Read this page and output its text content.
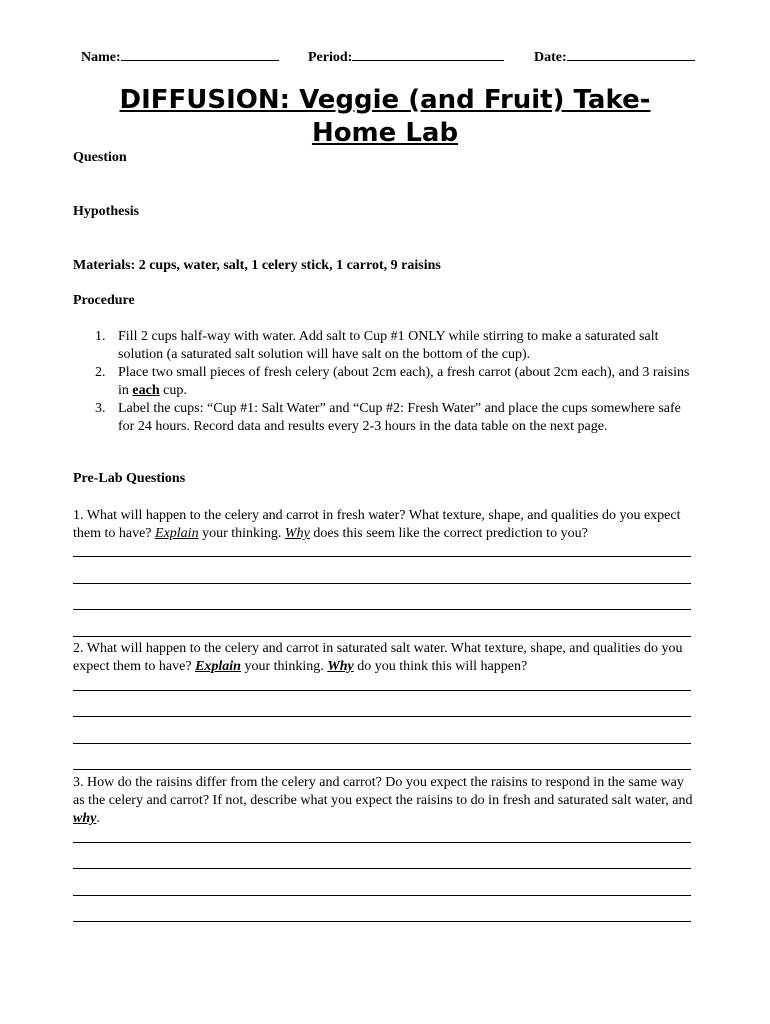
Name:	Period:	Date:
DIFFUSION: Veggie (and Fruit) Take-
Home Lab
Question
Hypothesis
Materials: 2 cups, water, salt, 1 celery stick, 1 carrot, 9 raisins
Procedure
1. Fill 2 cups half-way with water. Add salt to Cup #1 ONLY while stirring to make a saturated salt solution (a saturated salt solution will have salt on the bottom of the cup).
2. Place two small pieces of fresh celery (about 2cm each), a fresh carrot (about 2cm each), and 3 raisins in each cup.
3. Label the cups: “Cup #1: Salt Water” and “Cup #2: Fresh Water” and place the cups somewhere safe for 24 hours. Record data and results every 2-3 hours in the data table on the next page.
Pre-Lab Questions
1. What will happen to the celery and carrot in fresh water? What texture, shape, and qualities do you expect them to have? Explain your thinking. Why does this seem like the correct prediction to you?
2. What will happen to the celery and carrot in saturated salt water. What texture, shape, and qualities do you expect them to have? Explain your thinking. Why do you think this will happen?
3. How do the raisins differ from the celery and carrot? Do you expect the raisins to respond in the same way as the celery and carrot? If not, describe what you expect the raisins to do in fresh and saturated salt water, and why.
